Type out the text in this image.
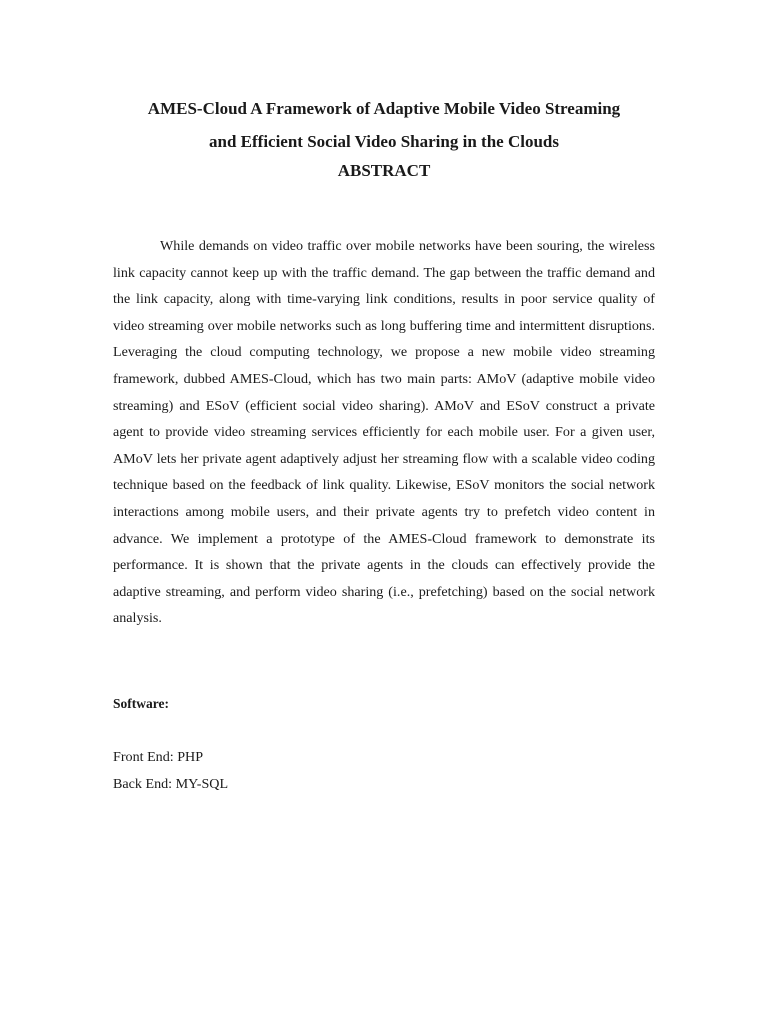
AMES-Cloud A Framework of Adaptive Mobile Video Streaming
and Efficient Social Video Sharing in the Clouds
ABSTRACT

While demands on video traffic over mobile networks have been souring, the wireless link capacity cannot keep up with the traffic demand. The gap between the traffic demand and the link capacity, along with time-varying link conditions, results in poor service quality of video streaming over mobile networks such as long buffering time and intermittent disruptions. Leveraging the cloud computing technology, we propose a new mobile video streaming framework, dubbed AMES-Cloud, which has two main parts: AMoV (adaptive mobile video streaming) and ESoV (efficient social video sharing). AMoV and ESoV construct a private agent to provide video streaming services efficiently for each mobile user. For a given user, AMoV lets her private agent adaptively adjust her streaming flow with a scalable video coding technique based on the feedback of link quality. Likewise, ESoV monitors the social network interactions among mobile users, and their private agents try to prefetch video content in advance. We implement a prototype of the AMES-Cloud framework to demonstrate its performance. It is shown that the private agents in the clouds can effectively provide the adaptive streaming, and perform video sharing (i.e., prefetching) based on the social network analysis.

Software:
Front End: PHP
Back End: MY-SQL
